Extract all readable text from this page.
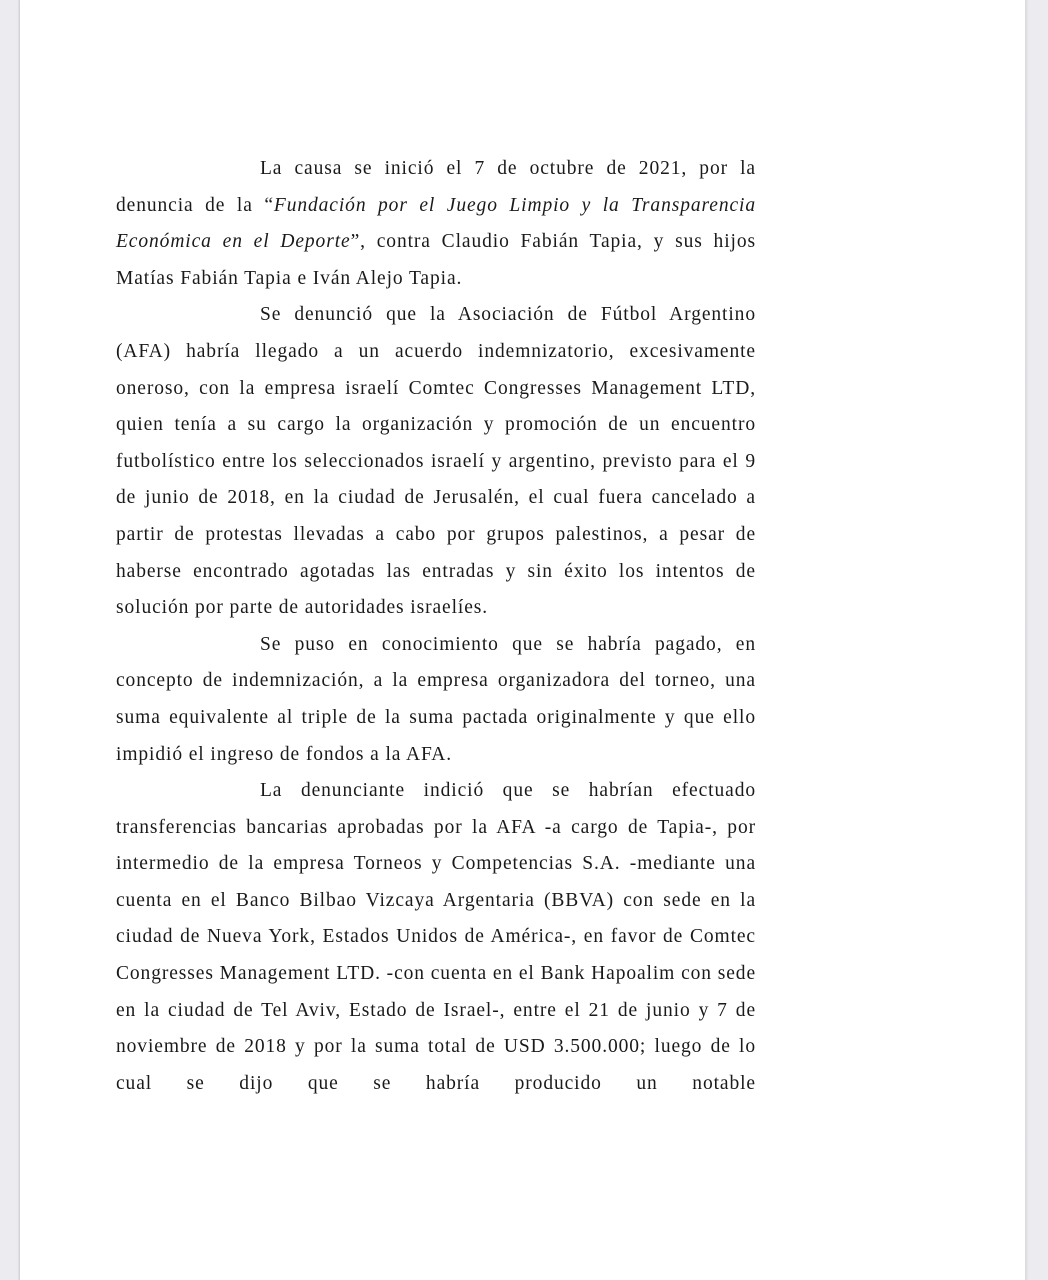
La causa se inició el 7 de octubre de 2021, por la denuncia de la “Fundación por el Juego Limpio y la Transparencia Económica en el Deporte”, contra Claudio Fabián Tapia, y sus hijos Matías Fabián Tapia e Iván Alejo Tapia.

Se denunció que la Asociación de Fútbol Argentino (AFA) habría llegado a un acuerdo indemnizatorio, excesivamente oneroso, con la empresa israelí Comtec Congresses Management LTD, quien tenía a su cargo la organización y promoción de un encuentro futbolístico entre los seleccionados israelí y argentino, previsto para el 9 de junio de 2018, en la ciudad de Jerusalén, el cual fuera cancelado a partir de protestas llevadas a cabo por grupos palestinos, a pesar de haberse encontrado agotadas las entradas y sin éxito los intentos de solución por parte de autoridades israelíes.

Se puso en conocimiento que se habría pagado, en concepto de indemnización, a la empresa organizadora del torneo, una suma equivalente al triple de la suma pactada originalmente y que ello impidió el ingreso de fondos a la AFA.

La denunciante indició que se habrían efectuado transferencias bancarias aprobadas por la AFA -a cargo de Tapia-, por intermedio de la empresa Torneos y Competencias S.A. -mediante una cuenta en el Banco Bilbao Vizcaya Argentaria (BBVA) con sede en la ciudad de Nueva York, Estados Unidos de América-, en favor de Comtec Congresses Management LTD. -con cuenta en el Bank Hapoalim con sede en la ciudad de Tel Aviv, Estado de Israel-, entre el 21 de junio y 7 de noviembre de 2018 y por la suma total de USD 3.500.000; luego de lo cual se dijo que se habría producido un notable
